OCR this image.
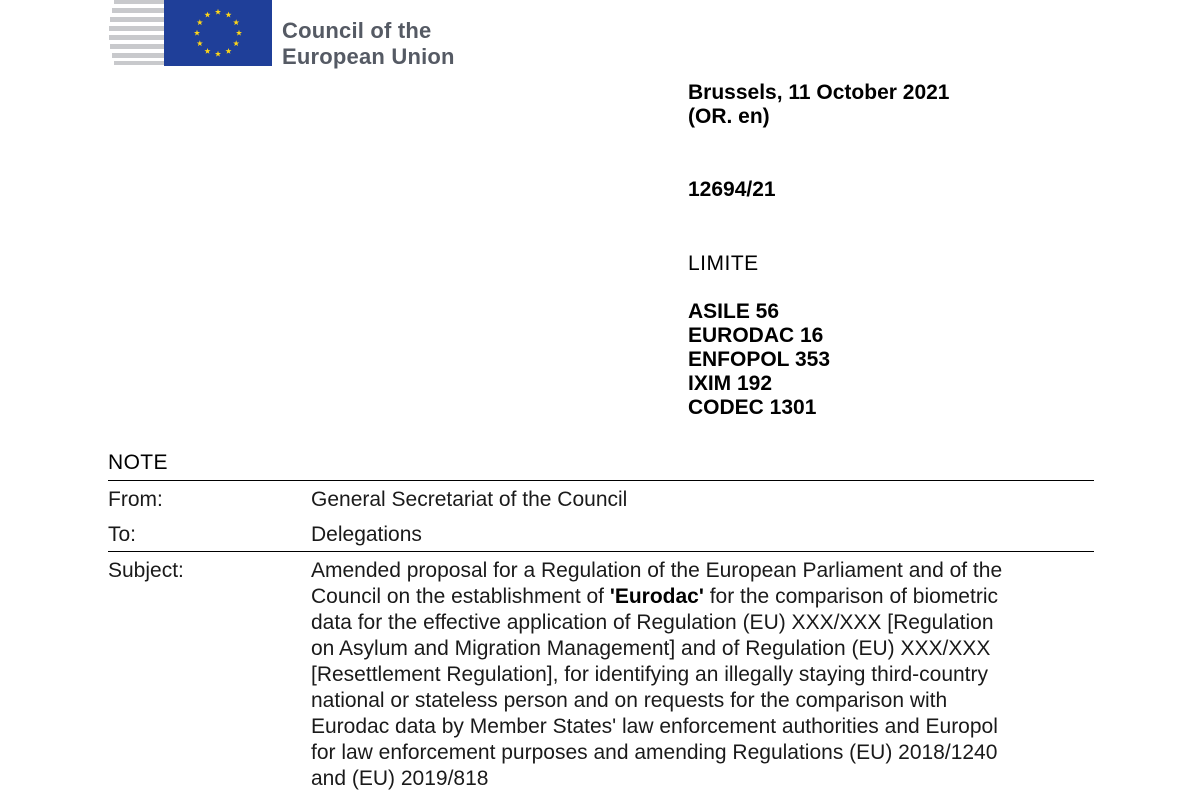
Council of the
European Union
Brussels, 11 October 2021
(OR. en)
12694/21
LIMITE
ASILE 56
EURODAC 16
ENFOPOL 353
IXIM 192
CODEC 1301
NOTE
From:	General Secretariat of the Council
To:	Delegations
Subject:	Amended proposal for a Regulation of the European Parliament and of the
Council on the establishment of 'Eurodac' for the comparison of biometric
data for the effective application of Regulation (EU) XXX/XXX [Regulation
on Asylum and Migration Management] and of Regulation (EU) XXX/XXX
[Resettlement Regulation], for identifying an illegally staying third-country
national or stateless person and on requests for the comparison with
Eurodac data by Member States' law enforcement authorities and Europol
for law enforcement purposes and amending Regulations (EU) 2018/1240
and (EU) 2019/818
